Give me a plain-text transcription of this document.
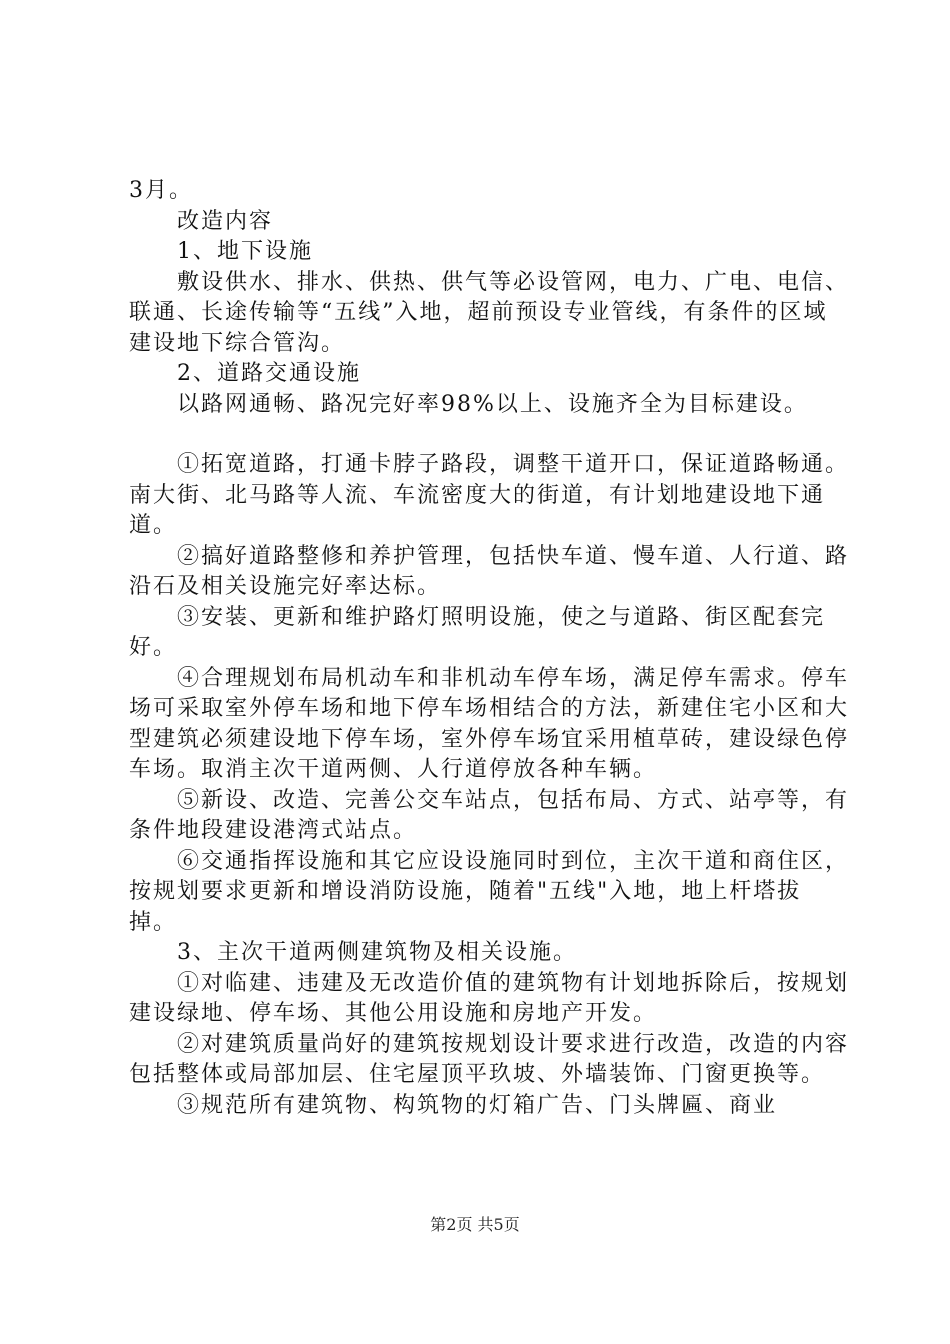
3月。

　　改造内容

　　1、地下设施

　　敷设供水、排水、供热、供气等必设管网，电力、广电、电信、联通、长途传输等“五线”入地，超前预设专业管线，有条件的区域建设地下综合管沟。

　　2、道路交通设施

　　以路网通畅、路况完好率98%以上、设施齐全为目标建设。

　　①拓宽道路，打通卡脖子路段，调整干道开口，保证道路畅通。南大街、北马路等人流、车流密度大的街道，有计划地建设地下通道。

　　②搞好道路整修和养护管理，包括快车道、慢车道、人行道、路沿石及相关设施完好率达标。

　　③安装、更新和维护路灯照明设施，使之与道路、街区配套完好。

　　④合理规划布局机动车和非机动车停车场，满足停车需求。停车场可采取室外停车场和地下停车场相结合的方法，新建住宅小区和大型建筑必须建设地下停车场，室外停车场宜采用植草砖，建设绿色停车场。取消主次干道两侧、人行道停放各种车辆。

　　⑤新设、改造、完善公交车站点，包括布局、方式、站亭等，有条件地段建设港湾式站点。

　　⑥交通指挥设施和其它应设设施同时到位，主次干道和商住区，按规划要求更新和增设消防设施，随着"五线"入地，地上杆塔拔掉。

　　3、主次干道两侧建筑物及相关设施。

　　①对临建、违建及无改造价值的建筑物有计划地拆除后，按规划建设绿地、停车场、其他公用设施和房地产开发。

　　②对建筑质量尚好的建筑按规划设计要求进行改造，改造的内容包括整体或局部加层、住宅屋顶平玖坡、外墙装饰、门窗更换等。

　　③规范所有建筑物、构筑物的灯箱广告、门头牌匾、商业

第2页 共5页
